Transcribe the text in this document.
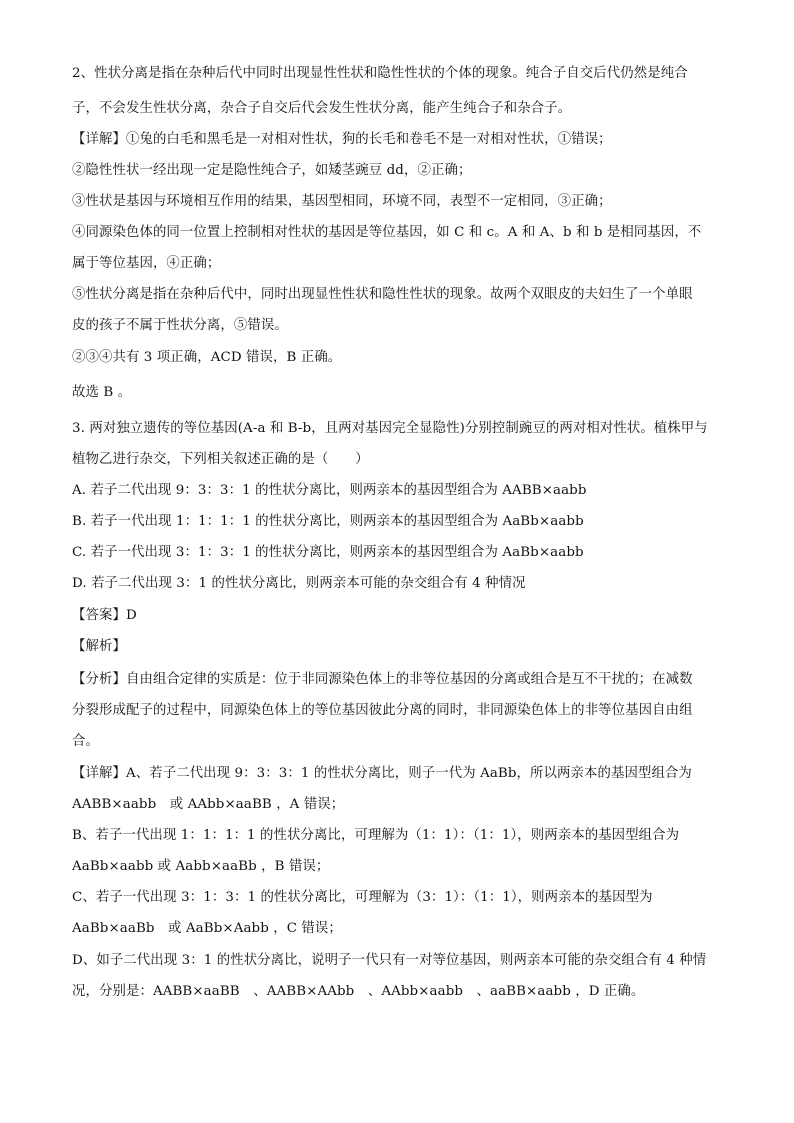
2、性状分离是指在杂种后代中同时出现显性性状和隐性性状的个体的现象。纯合子自交后代仍然是纯合
子，不会发生性状分离，杂合子自交后代会发生性状分离，能产生纯合子和杂合子。
【详解】①兔的白毛和黑毛是一对相对性状，狗的长毛和卷毛不是一对相对性状，①错误；
②隐性性状一经出现一定是隐性纯合子，如矮茎豌豆 dd，②正确；
③性状是基因与环境相互作用的结果，基因型相同，环境不同，表型不一定相同，③正确；
④同源染色体的同一位置上控制相对性状的基因是等位基因，如 C 和 c。A 和 A、b 和 b 是相同基因，不
属于等位基因，④正确；
⑤性状分离是指在杂种后代中，同时出现显性性状和隐性性状的现象。故两个双眼皮的夫妇生了一个单眼
皮的孩子不属于性状分离，⑤错误。
②③④共有 3 项正确，ACD 错误，B 正确。
故选 B 。
3. 两对独立遗传的等位基因(A-a 和 B-b，且两对基因完全显隐性)分别控制豌豆的两对相对性状。植株甲与
植物乙进行杂交，下列相关叙述正确的是（　　）
A. 若子二代出现 9：3：3：1 的性状分离比，则两亲本的基因型组合为 AABB×aabb
B. 若子一代出现 1：1：1：1 的性状分离比，则两亲本的基因型组合为 AaBb×aabb
C. 若子一代出现 3：1：3：1 的性状分离比，则两亲本的基因型组合为 AaBb×aabb
D. 若子二代出现 3：1 的性状分离比，则两亲本可能的杂交组合有 4 种情况
【答案】D
【解析】
【分析】自由组合定律的实质是：位于非同源染色体上的非等位基因的分离或组合是互不干扰的；在减数
分裂形成配子的过程中，同源染色体上的等位基因彼此分离的同时，非同源染色体上的非等位基因自由组
合。
【详解】A、若子二代出现 9：3：3：1 的性状分离比，则子一代为 AaBb，所以两亲本的基因型组合为
AABB×aabb　或 AAbb×aaBB ，A 错误；
B、若子一代出现 1：1：1：1 的性状分离比，可理解为（1：1）：（1：1），则两亲本的基因型组合为
AaBb×aabb 或 Aabb×aaBb ，B 错误；
C、若子一代出现 3：1：3：1 的性状分离比，可理解为（3：1）：（1：1），则两亲本的基因型为
AaBb×aaBb　或 AaBb×Aabb ，C 错误；
D、如子二代出现 3：1 的性状分离比，说明子一代只有一对等位基因，则两亲本可能的杂交组合有 4 种情
况，分别是：AABB×aaBB　、AABB×AAbb　、AAbb×aabb　、aaBB×aabb ，D 正确。
